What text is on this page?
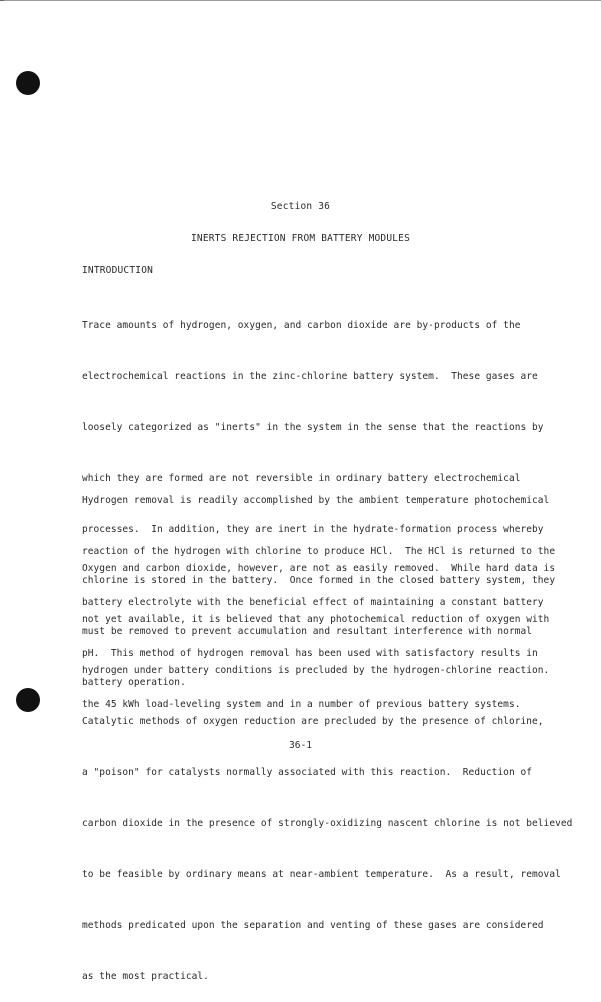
Section 36
INERTS REJECTION FROM BATTERY MODULES
INTRODUCTION

Trace amounts of hydrogen, oxygen, and carbon dioxide are by-products of the

electrochemical reactions in the zinc-chlorine battery system.  These gases are

loosely categorized as "inerts" in the system in the sense that the reactions by

which they are formed are not reversible in ordinary battery electrochemical

processes.  In addition, they are inert in the hydrate-formation process whereby

chlorine is stored in the battery.  Once formed in the closed battery system, they

must be removed to prevent accumulation and resultant interference with normal

battery operation.

Hydrogen removal is readily accomplished by the ambient temperature photochemical

reaction of the hydrogen with chlorine to produce HCl.  The HCl is returned to the

battery electrolyte with the beneficial effect of maintaining a constant battery

pH.  This method of hydrogen removal has been used with satisfactory results in

the 45 kWh load-leveling system and in a number of previous battery systems.

Oxygen and carbon dioxide, however, are not as easily removed.  While hard data is

not yet available, it is believed that any photochemical reduction of oxygen with

hydrogen under battery conditions is precluded by the hydrogen-chlorine reaction.

Catalytic methods of oxygen reduction are precluded by the presence of chlorine,

a "poison" for catalysts normally associated with this reaction.  Reduction of

carbon dioxide in the presence of strongly-oxidizing nascent chlorine is not believed

to be feasible by ordinary means at near-ambient temperature.  As a result, removal

methods predicated upon the separation and venting of these gases are considered

as the most practical.

36-1
